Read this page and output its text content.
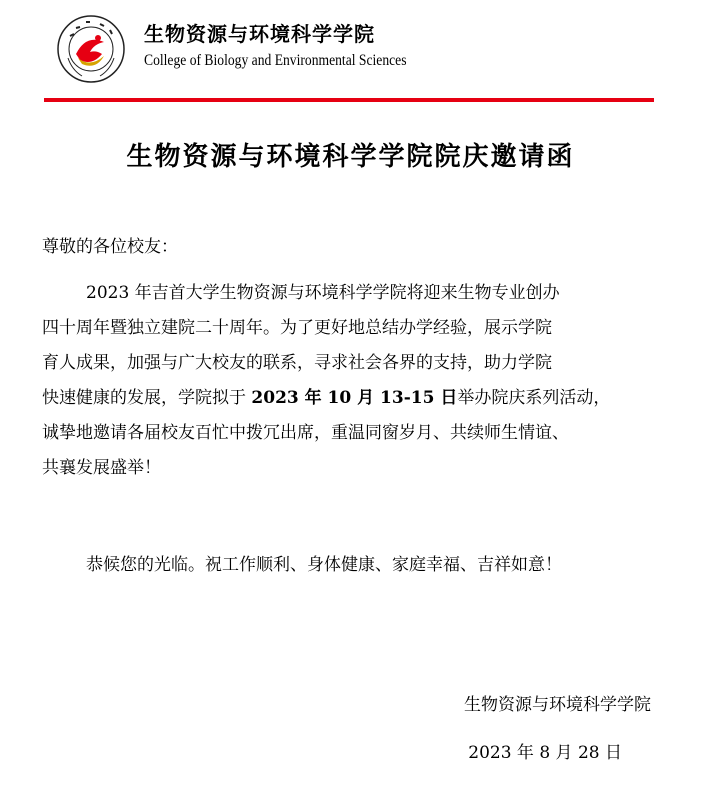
生物资源与环境科学学院
College of Biology and Environmental Sciences
生物资源与环境科学学院院庆邀请函
尊敬的各位校友：
2023 年吉首大学生物资源与环境科学学院将迎来生物专业创办
四十周年暨独立建院二十周年。为了更好地总结办学经验，展示学院
育人成果，加强与广大校友的联系，寻求社会各界的支持，助力学院
快速健康的发展，学院拟于 2023 年 10 月 13-15 日举办院庆系列活动，
诚挚地邀请各届校友百忙中拨冗出席，重温同窗岁月、共续师生情谊、
共襄发展盛举！
恭候您的光临。祝工作顺利、身体健康、家庭幸福、吉祥如意！
生物资源与环境科学学院
2023 年 8 月 28 日
